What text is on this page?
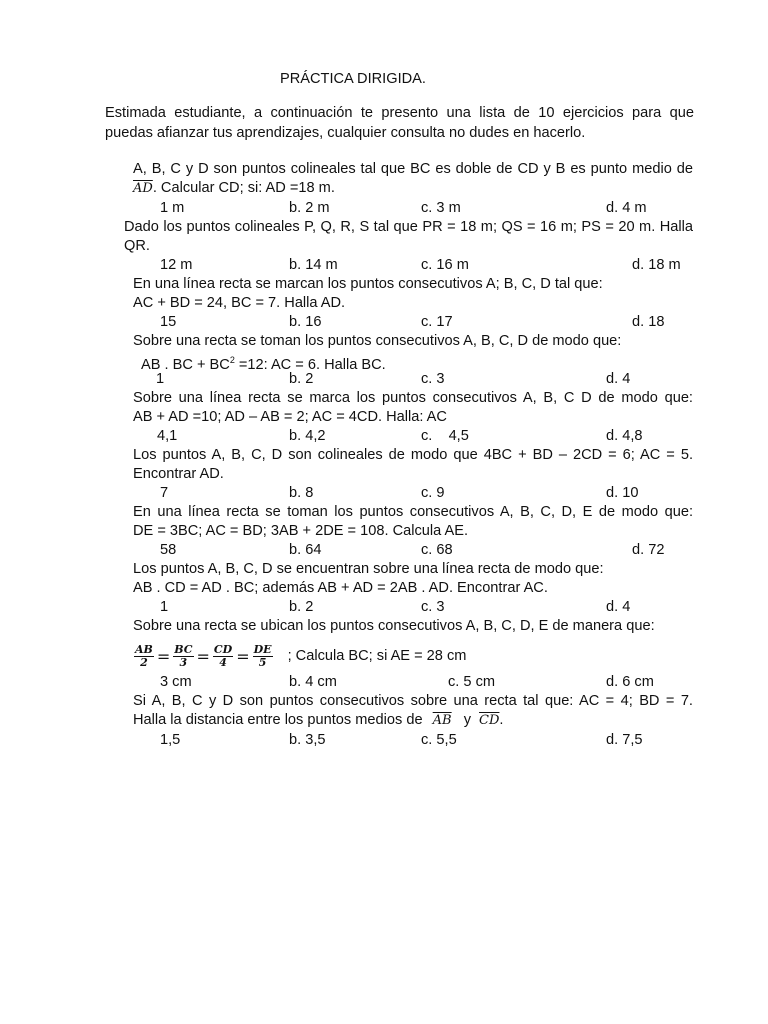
PRÁCTICA DIRIGIDA.
Estimada estudiante, a continuación te presento una lista de 10 ejercicios para que
puedas afianzar tus aprendizajes, cualquier consulta no dudes en hacerlo.
A, B, C y D son puntos colineales tal que BC es doble de CD y B es punto medio de
$\overline{AD}$. Calcular CD; si: AD =18 m.
1 m	b. 2 m	c. 3 m	d. 4 m
Dado los puntos colineales P, Q, R, S tal que PR = 18 m; QS = 16 m; PS = 20 m. Halla
QR.
12 m	b. 14 m	c. 16 m	d. 18 m
En una línea recta se marcan los puntos consecutivos A; B, C, D tal que:
AC + BD = 24, BC = 7. Halla AD.
15	b. 16	c. 17	d. 18
Sobre una recta se toman los puntos consecutivos A, B, C, D de modo que:
AB . BC + $BC^2 =12$: AC = 6. Halla BC.
1	b. 2	c. 3	d. 4
Sobre una línea recta se marca los puntos consecutivos A, B, C D de modo que:
AB + AD =10; AD – AB = 2; AC = 4CD. Halla: AC
4,1	b. 4,2	c.    4,5	d. 4,8
Los puntos A, B, C, D son colineales de modo que 4BC + BD – 2CD = 6; AC = 5.
Encontrar AD.
7	b. 8	c. 9	d. 10
En una línea recta se toman los puntos consecutivos A, B, C, D, E de modo que:
DE = 3BC; AC = BD; 3AB + 2DE = 108. Calcula AE.
58	b. 64	c. 68	d. 72
Los puntos A, B, C, D se encuentran sobre una línea recta de modo que:
AB . CD = AD . BC; además AB + AD = 2AB . AD. Encontrar AC.
1	b. 2	c. 3	d. 4
Sobre una recta se ubican los puntos consecutivos A, B, C, D, E de manera que:
$\frac{AB}{2} = \frac{BC}{3} = \frac{CD}{4} = \frac{DE}{5}$ ; Calcula BC; si AE = 28 cm
3 cm	b. 4 cm	c. 5 cm	d. 6 cm
Si A, B, C y D son puntos consecutivos sobre una recta tal que: AC = 4; BD = 7.
Halla la distancia entre los puntos medios de $\overline{AB}$ y $\overline{CD}$.
1,5	b. 3,5	c. 5,5	d. 7,5
